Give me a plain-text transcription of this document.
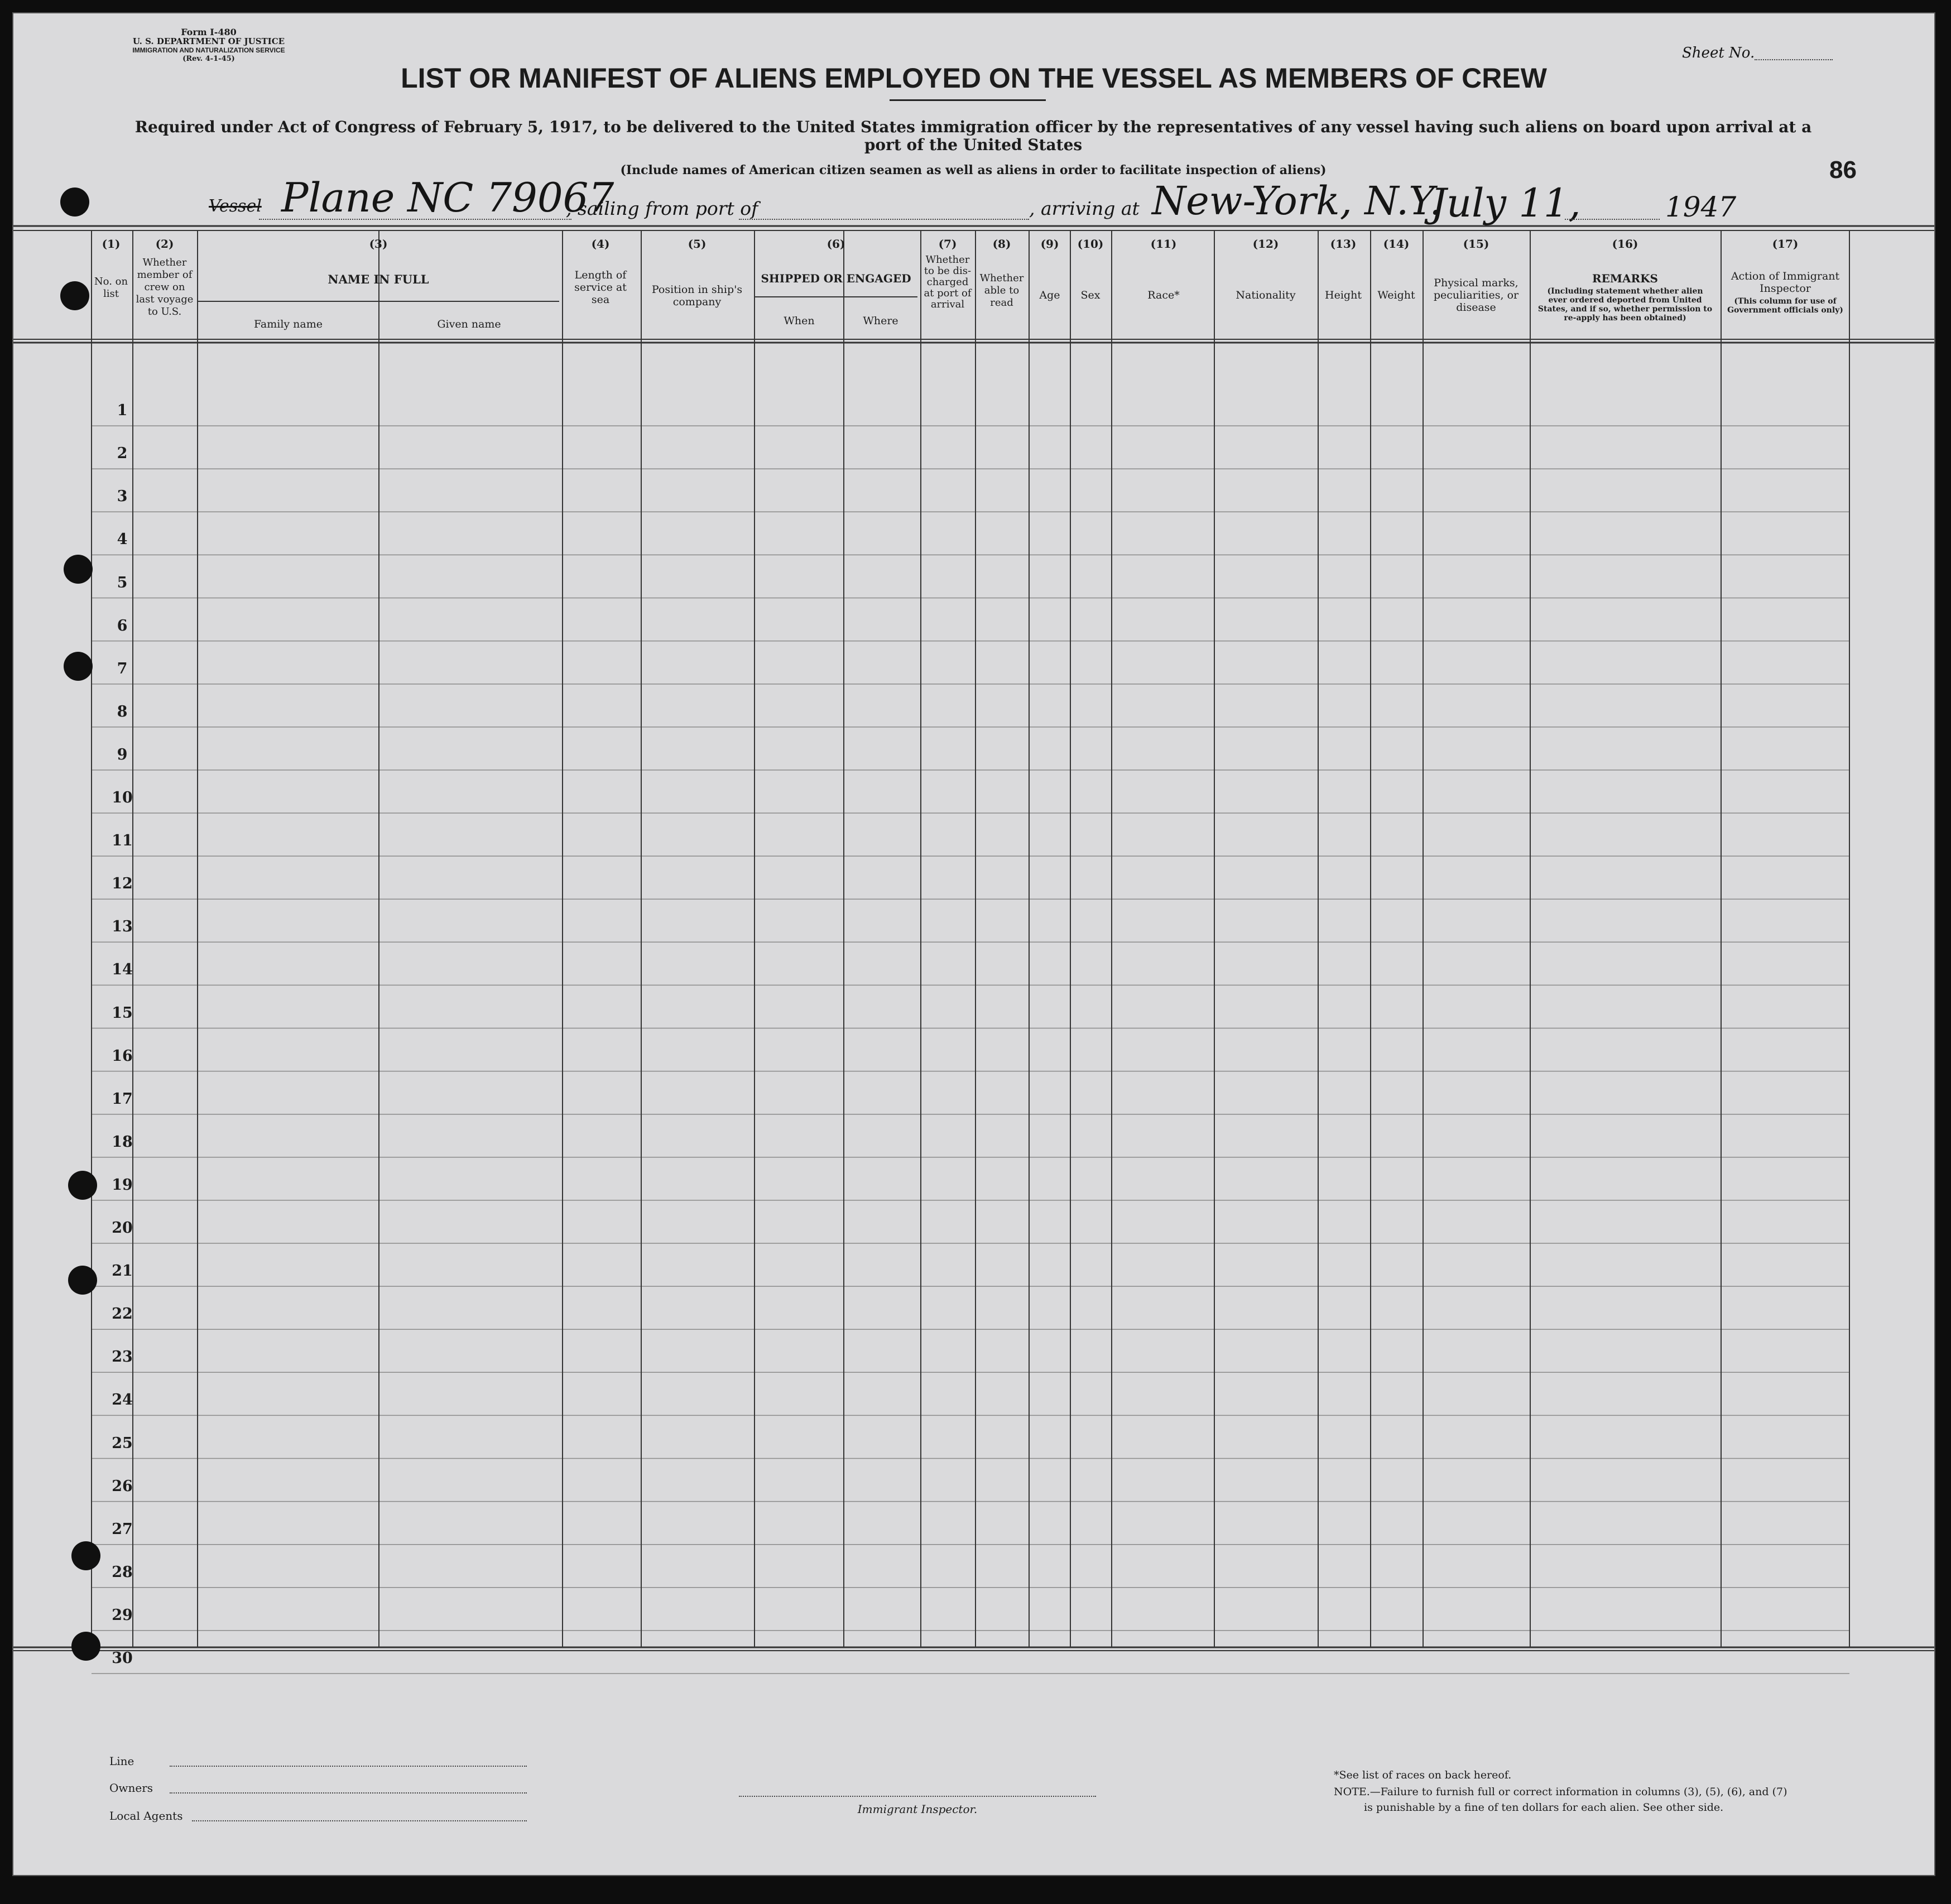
Form I-480
U. S. DEPARTMENT OF JUSTICE
IMMIGRATION AND NATURALIZATION SERVICE
(Rev. 4-1-45)	Sheet No.
LIST OR MANIFEST OF ALIENS EMPLOYED ON THE VESSEL AS MEMBERS OF CREW
Required under Act of Congress of February 5, 1917, to be delivered to the United States immigration officer by the representatives of any vessel having such aliens on board upon arrival at a
port of the United States
(Include names of American citizen seamen as well as aliens in order to facilitate inspection of aliens)	86
Vessel Plane NC 79067
, sailing from port of	, arriving at New-York, N.Y.
July 11,	1947
(1)
No. on list
(2)
Whether member of crew on last voyage to U.S.
(3)
NAME IN FULL
Family name	Given name
(4)
Length of service at sea
(5)
Position in ship's company
(6)
SHIPPED OR ENGAGED
When	Where
(7)
Whether to be dis- charged at port of arrival
(8)
Whether able to read
(9)
Age
(10)
Sex
(11)
Race*
(12)
Nationality
(13)
Height
(14)
Weight
(15)
Physical marks, peculiarities, or disease
(16)
REMARKS
(Including statement whether alien ever ordered deported from United States, and if so, whether permission to re-apply has been obtained)
(17)
Action of Immigrant Inspector
(This column for use of Government officials only)
1
2
3
4
5
6
7
8
9
10
11
12
13
14
15
16
17
18
19
20
21
22
23
24
25
26
27
28
29
30
Line
Owners
Local Agents	Immigrant Inspector.
*See list of races on back hereof.
NOTE.—Failure to furnish full or correct information in columns (3), (5), (6), and (7)
is punishable by a fine of ten dollars for each alien. See other side.
